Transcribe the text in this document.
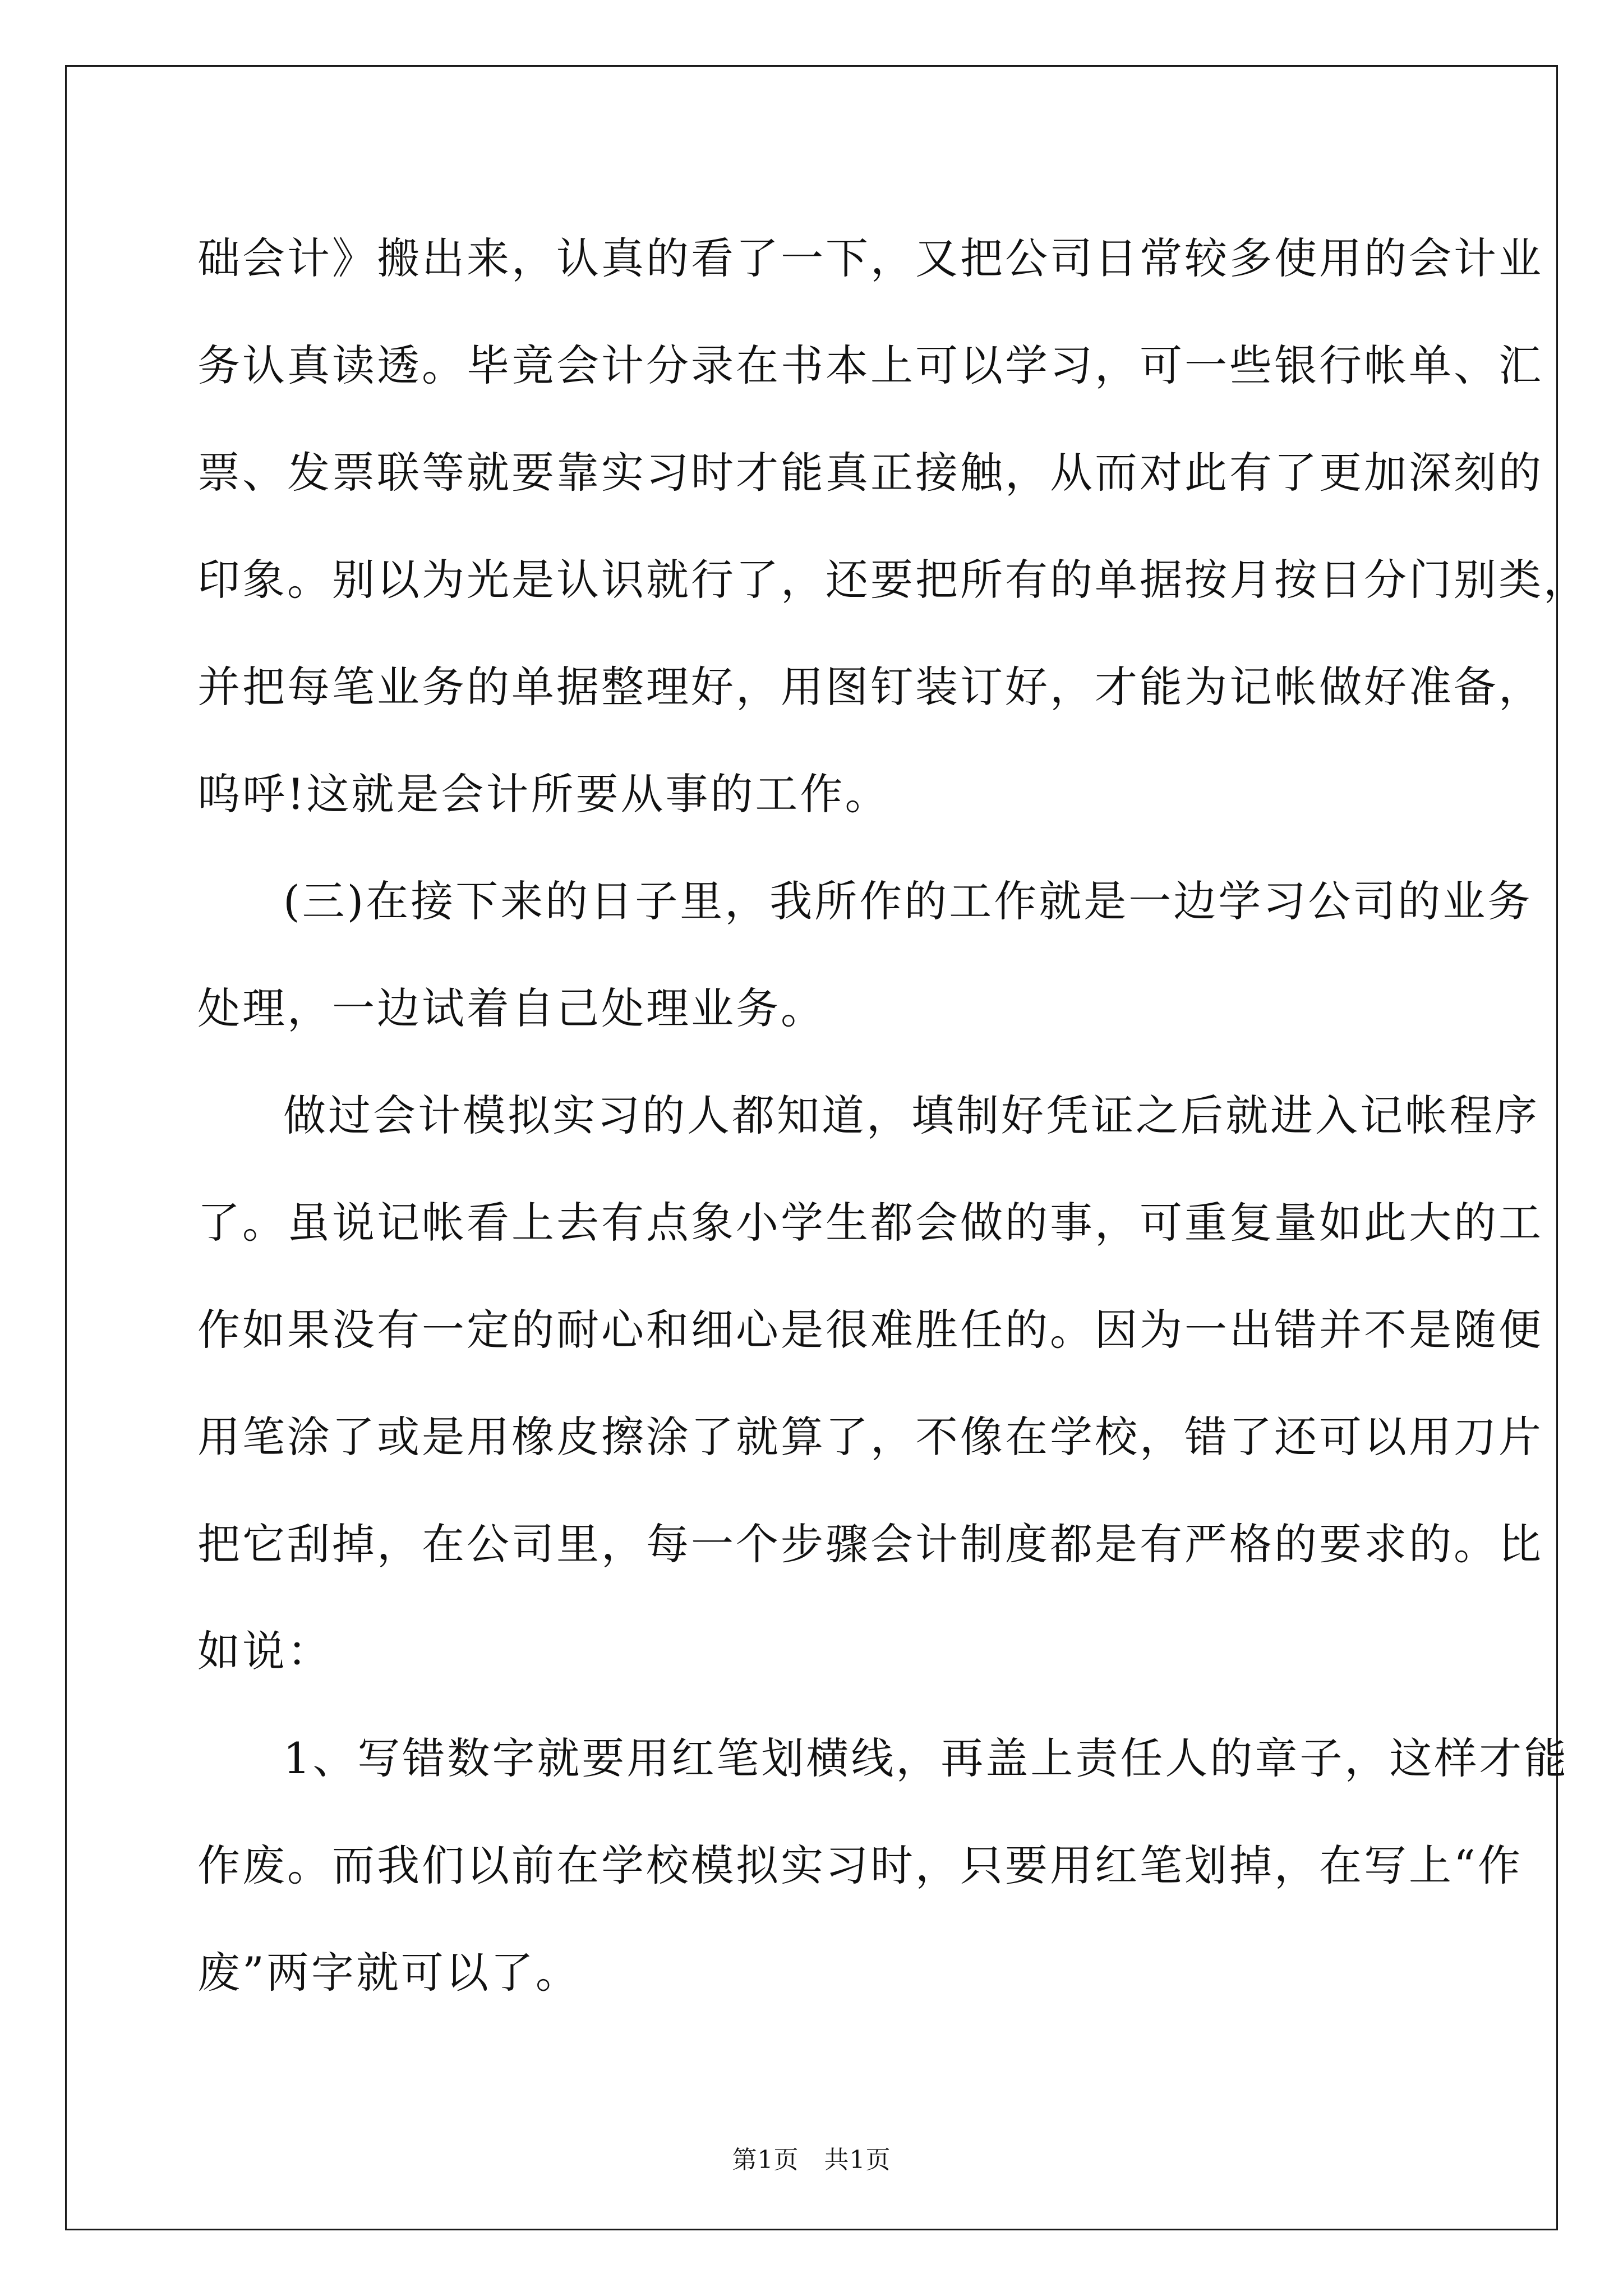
础会计》搬出来，认真的看了一下，又把公司日常较多使用的会计业
务认真读透。毕竟会计分录在书本上可以学习，可一些银行帐单、汇
票、发票联等就要靠实习时才能真正接触，从而对此有了更加深刻的
印象。别以为光是认识就行了，还要把所有的单据按月按日分门别类，
并把每笔业务的单据整理好，用图钉装订好，才能为记帐做好准备，
呜呼!这就是会计所要从事的工作。
(三)在接下来的日子里，我所作的工作就是一边学习公司的业务
处理，一边试着自己处理业务。
做过会计模拟实习的人都知道，填制好凭证之后就进入记帐程序
了。虽说记帐看上去有点象小学生都会做的事，可重复量如此大的工
作如果没有一定的耐心和细心是很难胜任的。因为一出错并不是随便
用笔涂了或是用橡皮擦涂了就算了，不像在学校，错了还可以用刀片
把它刮掉，在公司里，每一个步骤会计制度都是有严格的要求的。比
如说：
1、写错数字就要用红笔划横线，再盖上责任人的章子，这样才能
作废。而我们以前在学校模拟实习时，只要用红笔划掉，在写上“作
废”两字就可以了。
第1页　共1页
